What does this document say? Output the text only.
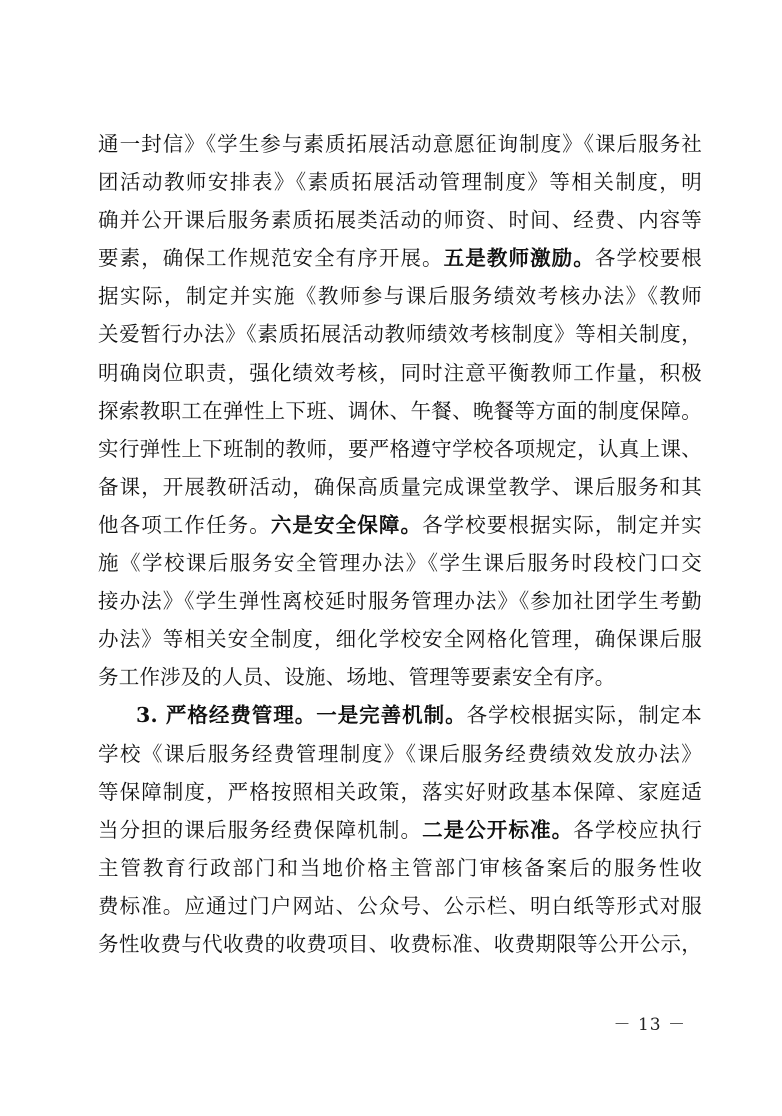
通一封信》《学生参与素质拓展活动意愿征询制度》《课后服务社
团活动教师安排表》《素质拓展活动管理制度》等相关制度，明
确并公开课后服务素质拓展类活动的师资、时间、经费、内容等
要素，确保工作规范安全有序开展。五是教师激励。各学校要根
据实际，制定并实施《教师参与课后服务绩效考核办法》《教师
关爱暂行办法》《素质拓展活动教师绩效考核制度》等相关制度，
明确岗位职责，强化绩效考核，同时注意平衡教师工作量，积极
探索教职工在弹性上下班、调休、午餐、晚餐等方面的制度保障。
实行弹性上下班制的教师，要严格遵守学校各项规定，认真上课、
备课，开展教研活动，确保高质量完成课堂教学、课后服务和其
他各项工作任务。六是安全保障。各学校要根据实际，制定并实
施《学校课后服务安全管理办法》《学生课后服务时段校门口交
接办法》《学生弹性离校延时服务管理办法》《参加社团学生考勤
办法》等相关安全制度，细化学校安全网格化管理，确保课后服
务工作涉及的人员、设施、场地、管理等要素安全有序。
3. 严格经费管理。一是完善机制。各学校根据实际，制定本
学校《课后服务经费管理制度》《课后服务经费绩效发放办法》
等保障制度，严格按照相关政策，落实好财政基本保障、家庭适
当分担的课后服务经费保障机制。二是公开标准。各学校应执行
主管教育行政部门和当地价格主管部门审核备案后的服务性收
费标准。应通过门户网站、公众号、公示栏、明白纸等形式对服
务性收费与代收费的收费项目、收费标准、收费期限等公开公示，
－ 13 －
